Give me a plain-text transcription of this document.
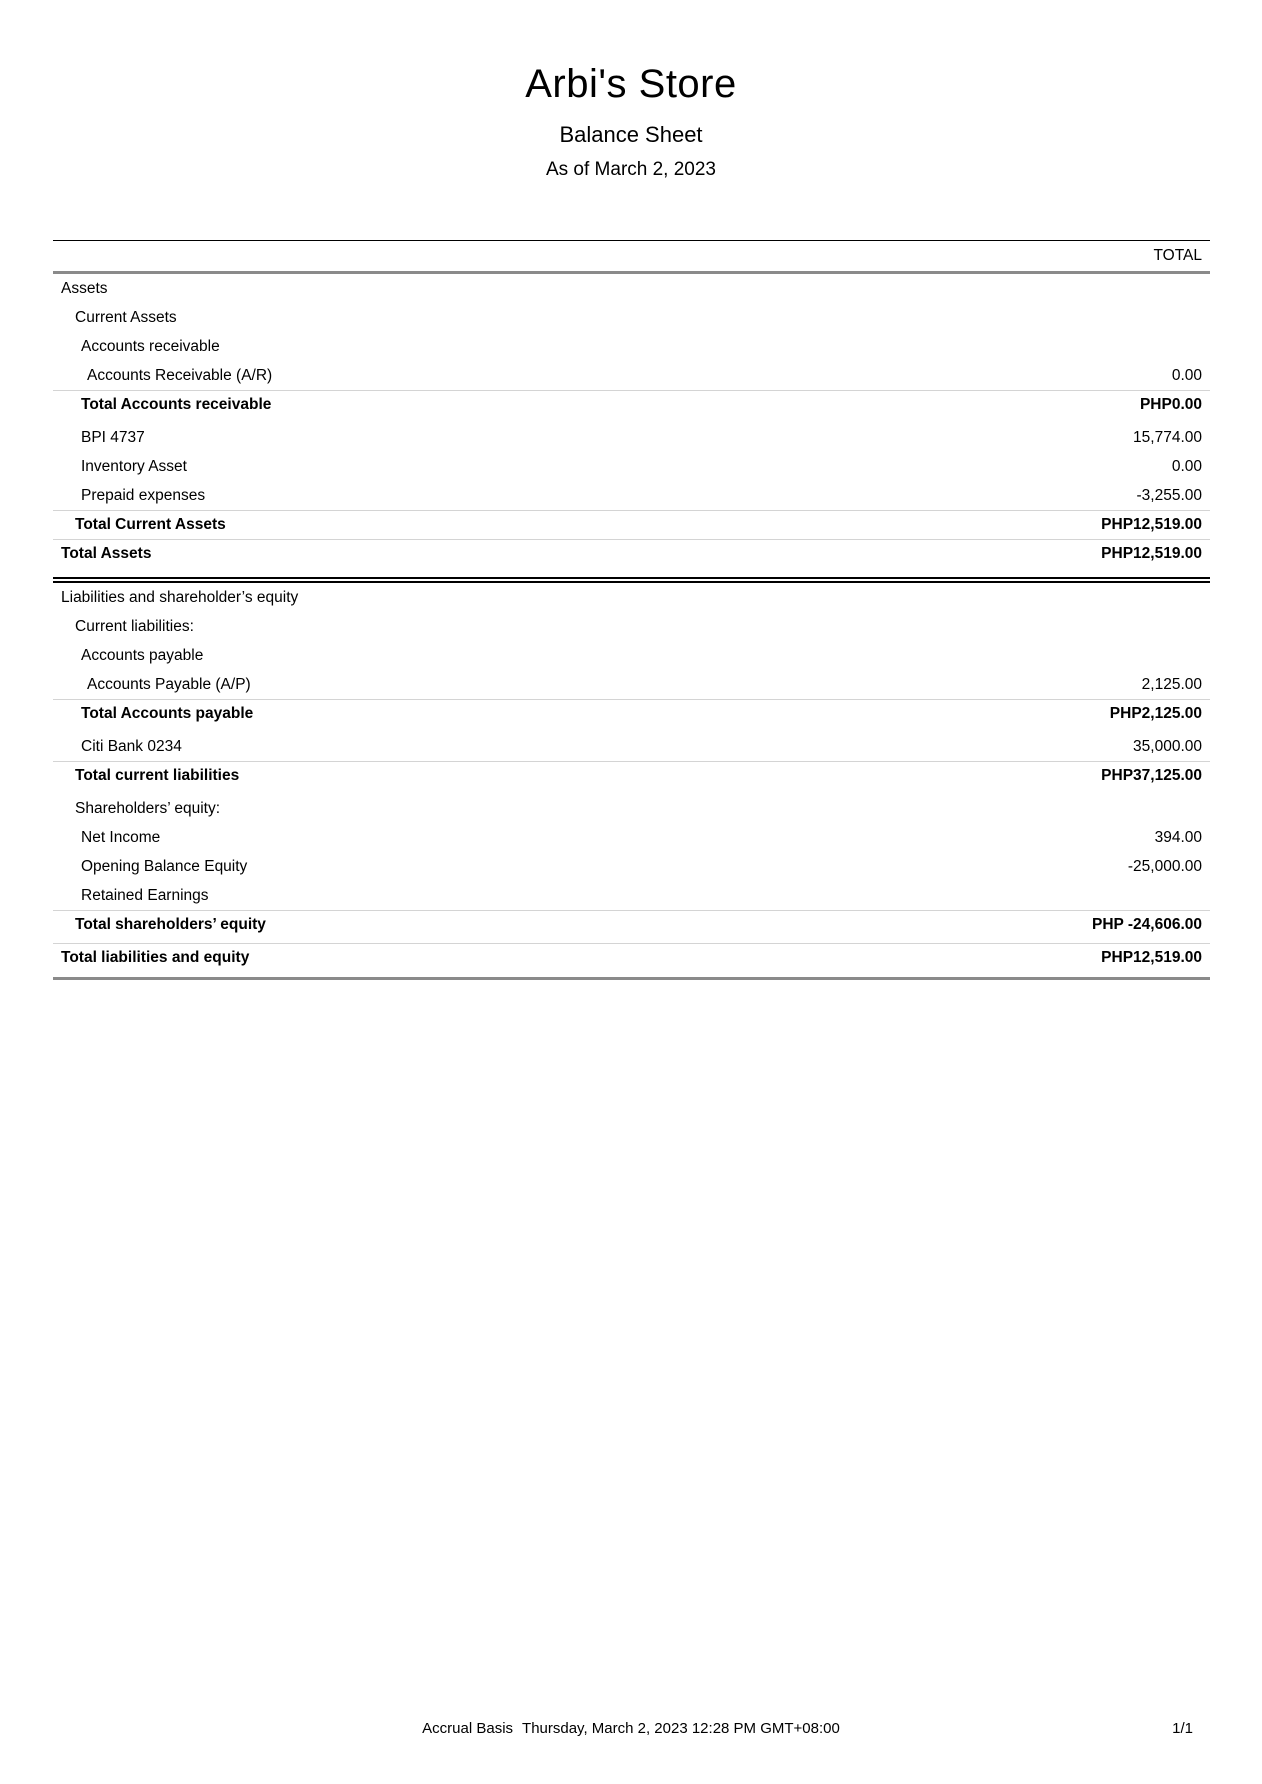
Arbi's Store
Balance Sheet
As of March 2, 2023
TOTAL
Assets
Current Assets
Accounts receivable
Accounts Receivable (A/R)	0.00
Total Accounts receivable	PHP0.00
BPI 4737	15,774.00
Inventory Asset	0.00
Prepaid expenses	-3,255.00
Total Current Assets	PHP12,519.00
Total Assets	PHP12,519.00
Liabilities and shareholder’s equity
Current liabilities:
Accounts payable
Accounts Payable (A/P)	2,125.00
Total Accounts payable	PHP2,125.00
Citi Bank 0234	35,000.00
Total current liabilities	PHP37,125.00
Shareholders’ equity:
Net Income	394.00
Opening Balance Equity	-25,000.00
Retained Earnings
Total shareholders’ equity	PHP -24,606.00
Total liabilities and equity	PHP12,519.00
Accrual Basis Thursday, March 2, 2023 12:28 PM GMT+08:00	1/1
